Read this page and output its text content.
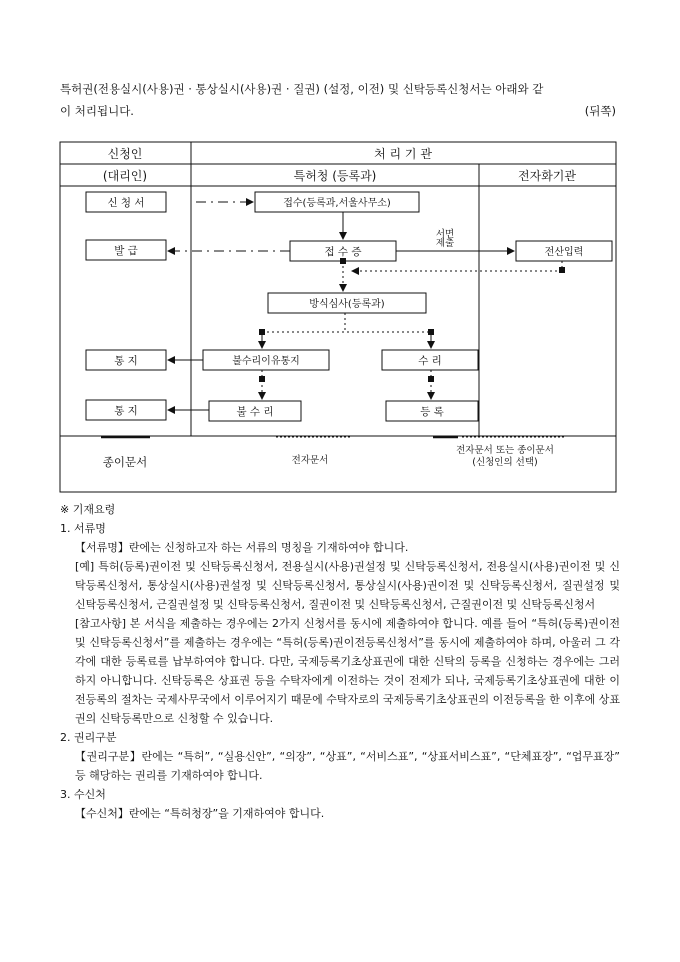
특허권(전용실시(사용)권 · 통상실시(사용)권 · 질권) (설정, 이전) 및 신탁등록신청서는 아래와 같
이 처리됩니다.	(뒤쪽)
신청인
(대리인)
처 리 기 관
특허청 (등록과)	전자화기관
신 청 서
발 급
통 지
통 지
접수(등록과,서울사무소)
접 수 증	전산입력
방식심사(등록과)
불수리이유통지	수 리
불 수 리	등 록
서면
제출
종이문서	전자문서
전자문서 또는 종이문서
(신청인의 선택)

※ 기재요령

1. 서류명

【서류명】란에는 신청하고자 하는 서류의 명칭을 기재하여야 합니다.

[예] 특허(등록)권이전 및 신탁등록신청서, 전용실시(사용)권설정 및 신탁등록신청서, 전용실시(사용)권이전 및 신탁등록신청서, 통상실시(사용)권설정 및 신탁등록신청서, 통상실시(사용)권이전 및 신탁등록신청서, 질권설정 및 신탁등록신청서, 근질권설정 및 신탁등록신청서, 질권이전 및 신탁등록신청서, 근질권이전 및 신탁등록신청서

[참고사항] 본 서식을 제출하는 경우에는 2가지 신청서를 동시에 제출하여야 합니다. 예를 들어 “특허(등록)권이전 및 신탁등록신청서”를 제출하는 경우에는 “특허(등록)권이전등록신청서”를 동시에 제출하여야 하며, 아울러 그 각각에 대한 등록료를 납부하여야 합니다. 다만, 국제등록기초상표권에 대한 신탁의 등록을 신청하는 경우에는 그러하지 아니합니다. 신탁등록은 상표권 등을 수탁자에게 이전하는 것이 전제가 되나, 국제등록기초상표권에 대한 이전등록의 절차는 국제사무국에서 이루어지기 때문에 수탁자로의 국제등록기초상표권의 이전등록을 한 이후에 상표권의 신탁등록만으로 신청할 수 있습니다.

2. 권리구분

【권리구분】란에는 “특허”, “실용신안”, “의장”, “상표”, “서비스표”, “상표서비스표”, “단체표장”, “업무표장” 등 해당하는 권리를 기재하여야 합니다.

3. 수신처

【수신처】란에는 “특허청장”을 기재하여야 합니다.
